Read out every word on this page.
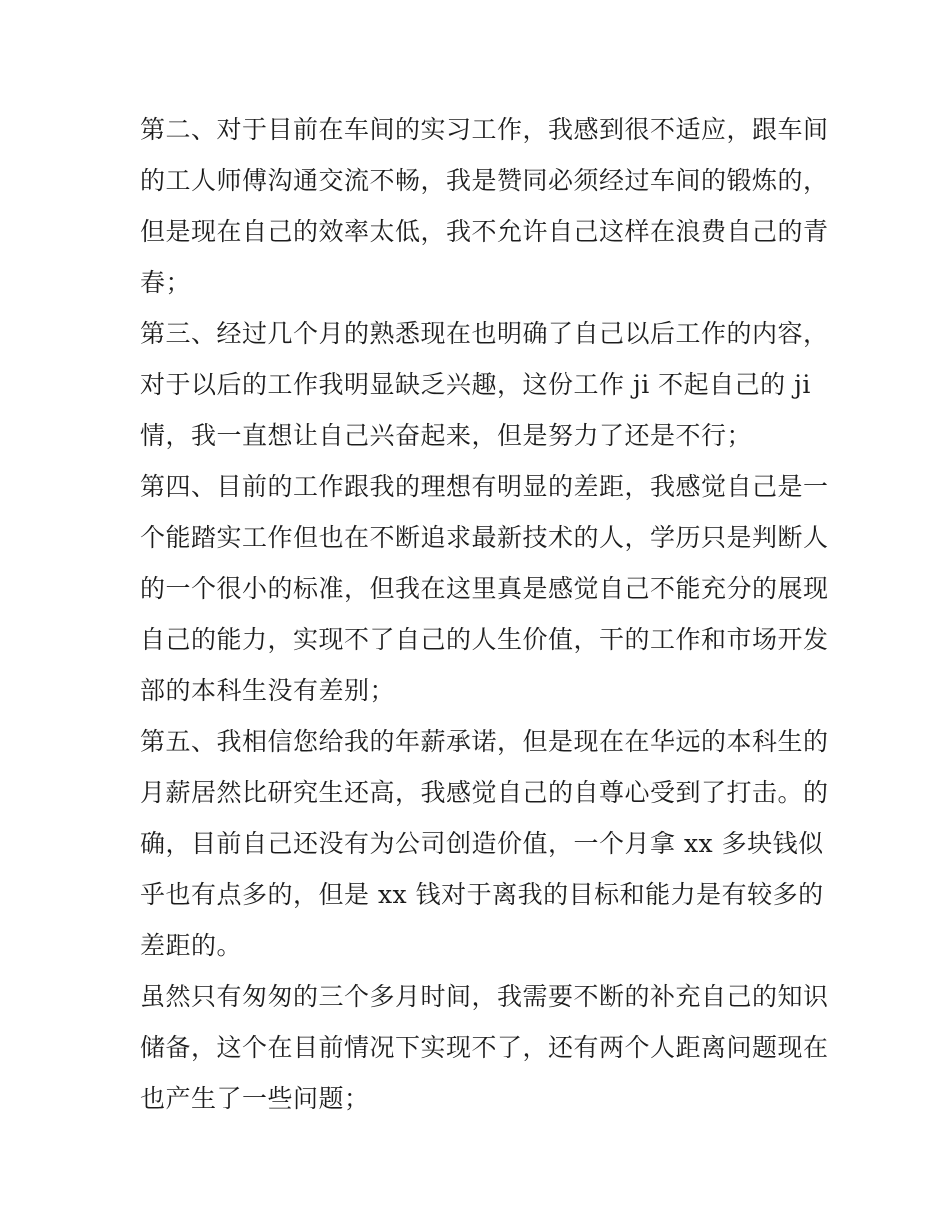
第二、对于目前在车间的实习工作，我感到很不适应，跟车间
的工人师傅沟通交流不畅，我是赞同必须经过车间的锻炼的，
但是现在自己的效率太低，我不允许自己这样在浪费自己的青
春；
第三、经过几个月的熟悉现在也明确了自己以后工作的内容，
对于以后的工作我明显缺乏兴趣，这份工作 ji 不起自己的 ji
情，我一直想让自己兴奋起来，但是努力了还是不行；
第四、目前的工作跟我的理想有明显的差距，我感觉自己是一
个能踏实工作但也在不断追求最新技术的人，学历只是判断人
的一个很小的标准，但我在这里真是感觉自己不能充分的展现
自己的能力，实现不了自己的人生价值，干的工作和市场开发
部的本科生没有差别；
第五、我相信您给我的年薪承诺，但是现在在华远的本科生的
月薪居然比研究生还高，我感觉自己的自尊心受到了打击。的
确，目前自己还没有为公司创造价值，一个月拿 xx 多块钱似
乎也有点多的，但是 xx 钱对于离我的目标和能力是有较多的
差距的。
虽然只有匆匆的三个多月时间，我需要不断的补充自己的知识
储备，这个在目前情况下实现不了，还有两个人距离问题现在
也产生了一些问题；
